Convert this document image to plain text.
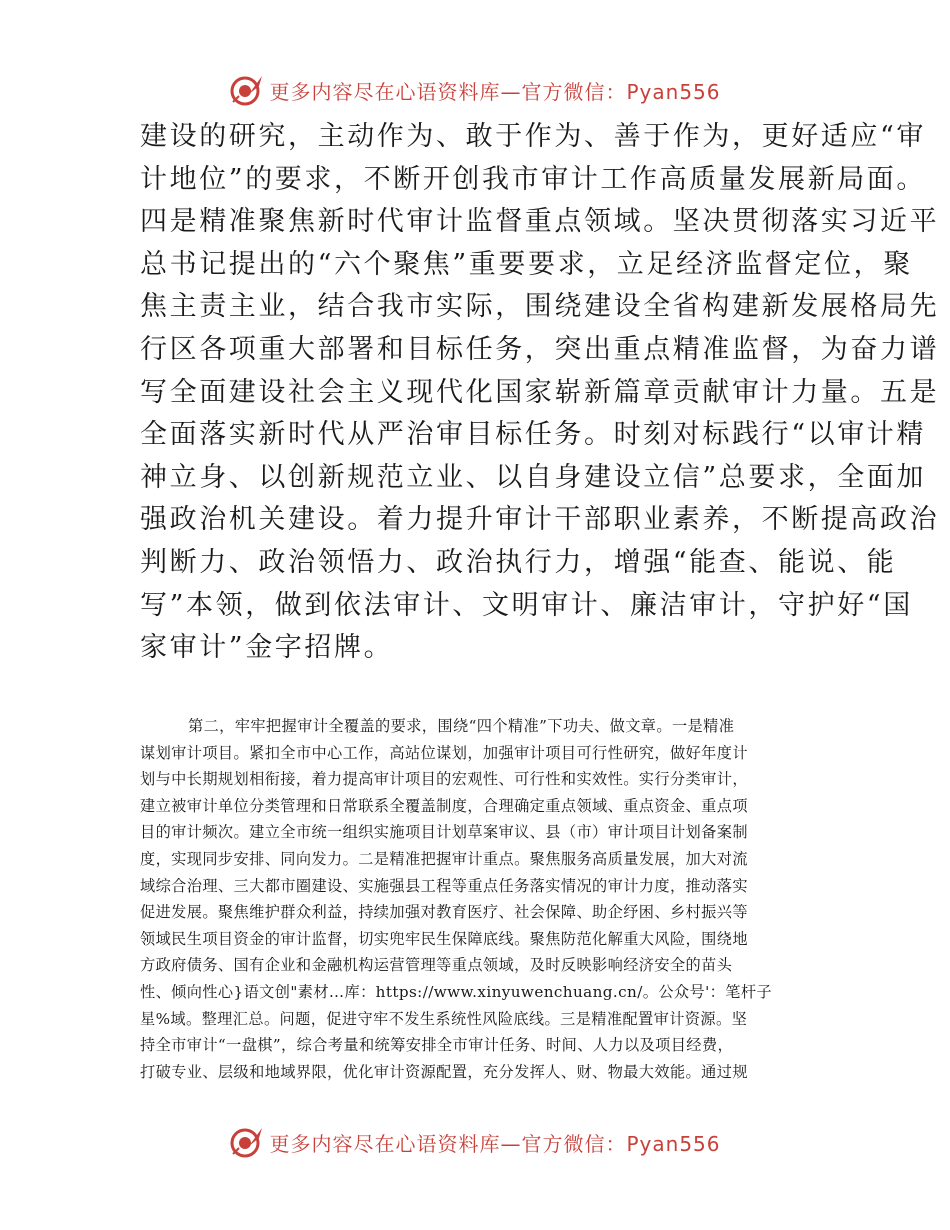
更多内容尽在心语资料库—官方微信：Pyan556
建设的研究，主动作为、敢于作为、善于作为，更好适应“审
计地位”的要求，不断开创我市审计工作高质量发展新局面。
四是精准聚焦新时代审计监督重点领域。坚决贯彻落实习近平
总书记提出的“六个聚焦”重要要求，立足经济监督定位，聚
焦主责主业，结合我市实际，围绕建设全省构建新发展格局先
行区各项重大部署和目标任务，突出重点精准监督，为奋力谱
写全面建设社会主义现代化国家崭新篇章贡献审计力量。五是
全面落实新时代从严治审目标任务。时刻对标践行“以审计精
神立身、以创新规范立业、以自身建设立信”总要求，全面加
强政治机关建设。着力提升审计干部职业素养，不断提高政治
判断力、政治领悟力、政治执行力，增强“能查、能说、能
写”本领，做到依法审计、文明审计、廉洁审计，守护好“国
家审计”金字招牌。
第二，牢牢把握审计全覆盖的要求，围绕“四个精准”下功夫、做文章。一是精准
谋划审计项目。紧扣全市中心工作，高站位谋划，加强审计项目可行性研究，做好年度计
划与中长期规划相衔接，着力提高审计项目的宏观性、可行性和实效性。实行分类审计，
建立被审计单位分类管理和日常联系全覆盖制度，合理确定重点领域、重点资金、重点项
目的审计频次。建立全市统一组织实施项目计划草案审议、县（市）审计项目计划备案制
度，实现同步安排、同向发力。二是精准把握审计重点。聚焦服务高质量发展，加大对流
域综合治理、三大都市圈建设、实施强县工程等重点任务落实情况的审计力度，推动落实
促进发展。聚焦维护群众利益，持续加强对教育医疗、社会保障、助企纾困、乡村振兴等
领域民生项目资金的审计监督，切实兜牢民生保障底线。聚焦防范化解重大风险，围绕地
方政府债务、国有企业和金融机构运营管理等重点领域，及时反映影响经济安全的苗头
性、倾向性心}语文创"素材…库：https://www.xinyuwenchuang.cn/。公众号'：笔杆子
星%域。整理汇总。问题，促进守牢不发生系统性风险底线。三是精准配置审计资源。坚
持全市审计“一盘棋”，综合考量和统筹安排全市审计任务、时间、人力以及项目经费，
打破专业、层级和地域界限，优化审计资源配置，充分发挥人、财、物最大效能。通过规
更多内容尽在心语资料库—官方微信：Pyan556
